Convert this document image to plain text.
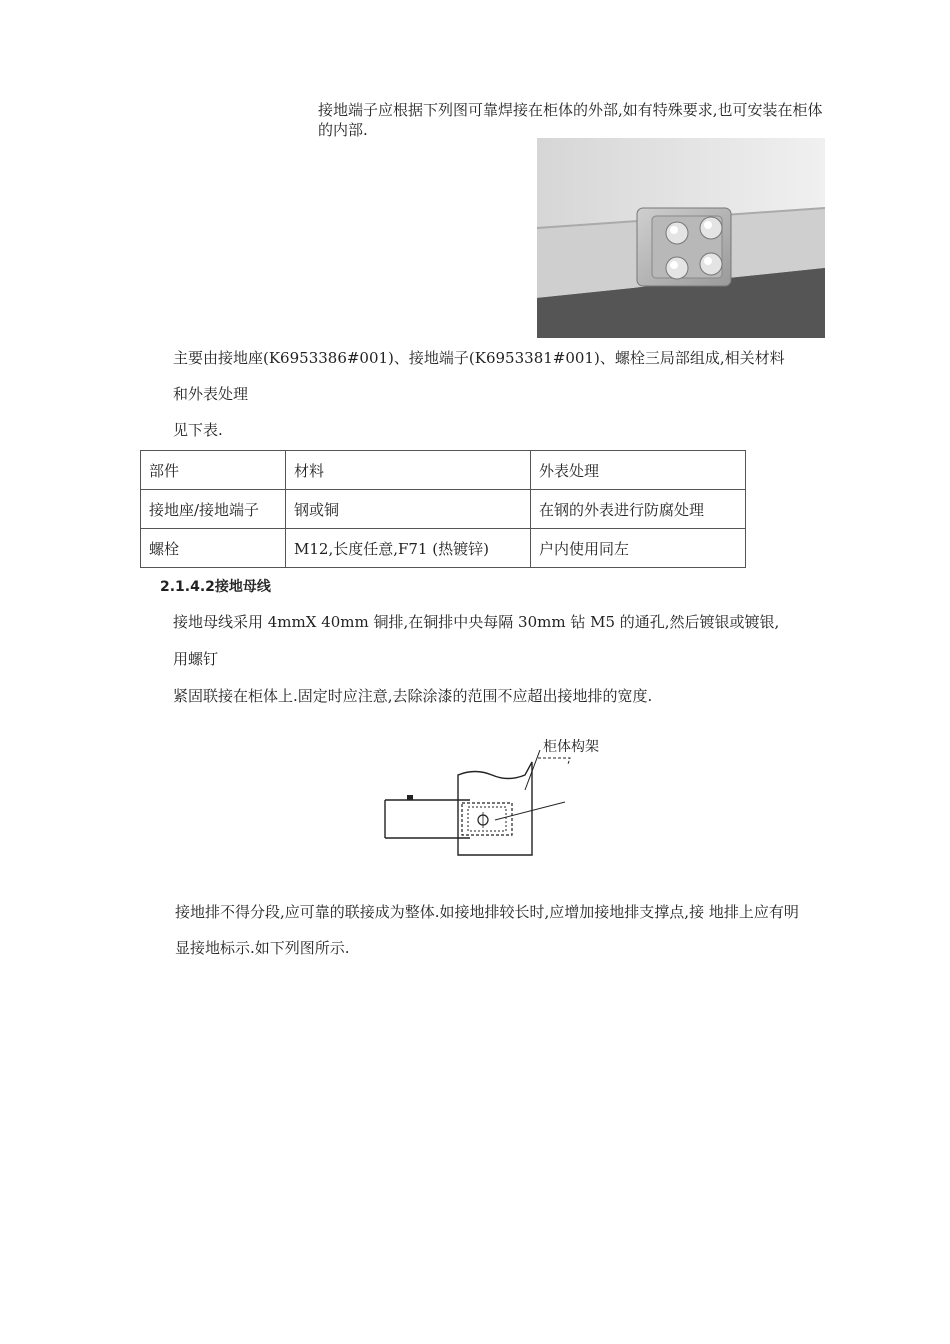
接地端子应根据下列图可靠焊接在柜体的外部,如有特殊要求,也可安装在柜体
的内部.
主要由接地座(K6953386#001)、接地端子(K6953381#001)、螺栓三局部组成,相关材料
和外表处理
见下表.
部件	材料	外表处理
接地座/接地端子	钢或铜	在钢的外表进行防腐处理
螺栓	M12,长度任意,F71 (热镀锌)	户内使用同左
2.1.4.2接地母线
接地母线采用 4mmX 40mm 铜排,在铜排中央每隔 30mm 钻 M5 的通孔,然后镀银或镀银,
用螺钉
紧固联接在柜体上.固定时应注意,去除涂漆的范围不应超出接地排的宽度.
柜体构架
接地排不得分段,应可靠的联接成为整体.如接地排较长时,应增加接地排支撑点,接 地排上应有明
显接地标示.如下列图所示.
